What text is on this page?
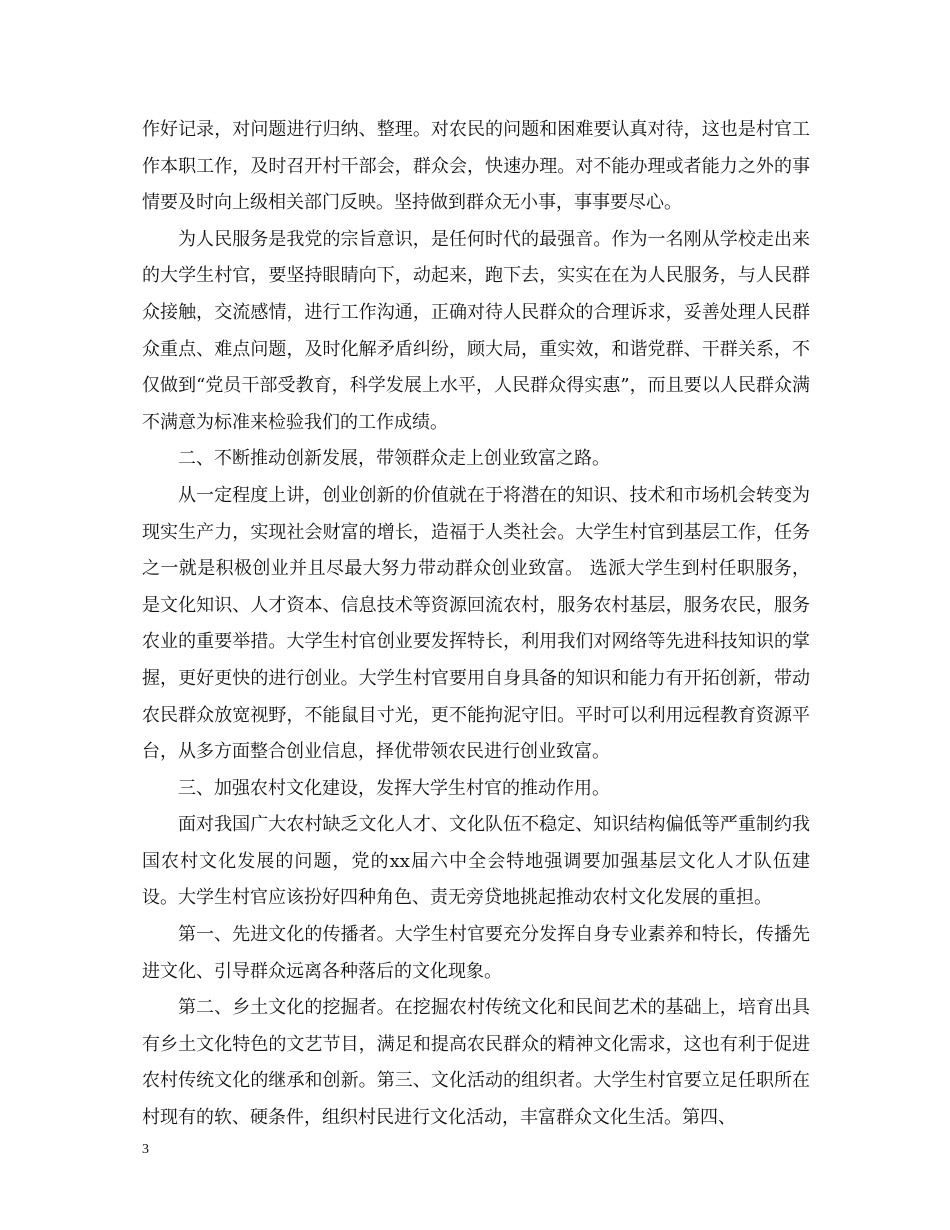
作好记录，对问题进行归纳、整理。对农民的问题和困难要认真对待，这也是村官工作本职工作，及时召开村干部会，群众会，快速办理。对不能办理或者能力之外的事情要及时向上级相关部门反映。坚持做到群众无小事，事事要尽心。

为人民服务是我党的宗旨意识，是任何时代的最强音。作为一名刚从学校走出来的大学生村官，要坚持眼睛向下，动起来，跑下去，实实在在为人民服务，与人民群众接触，交流感情，进行工作沟通，正确对待人民群众的合理诉求，妥善处理人民群众重点、难点问题，及时化解矛盾纠纷，顾大局，重实效，和谐党群、干群关系，不仅做到“党员干部受教育，科学发展上水平，人民群众得实惠”，而且要以人民群众满不满意为标准来检验我们的工作成绩。

二、不断推动创新发展，带领群众走上创业致富之路。

从一定程度上讲，创业创新的价值就在于将潜在的知识、技术和市场机会转变为现实生产力，实现社会财富的增长，造福于人类社会。大学生村官到基层工作，任务之一就是积极创业并且尽最大努力带动群众创业致富。 选派大学生到村任职服务，是文化知识、人才资本、信息技术等资源回流农村，服务农村基层，服务农民，服务农业的重要举措。大学生村官创业要发挥特长，利用我们对网络等先进科技知识的掌握，更好更快的进行创业。大学生村官要用自身具备的知识和能力有开拓创新，带动农民群众放宽视野，不能鼠目寸光，更不能拘泥守旧。平时可以利用远程教育资源平台，从多方面整合创业信息，择优带领农民进行创业致富。

三、加强农村文化建设，发挥大学生村官的推动作用。

面对我国广大农村缺乏文化人才、文化队伍不稳定、知识结构偏低等严重制约我国农村文化发展的问题，党的xx届六中全会特地强调要加强基层文化人才队伍建设。大学生村官应该扮好四种角色、责无旁贷地挑起推动农村文化发展的重担。

第一、先进文化的传播者。大学生村官要充分发挥自身专业素养和特长，传播先进文化、引导群众远离各种落后的文化现象。

第二、乡土文化的挖掘者。在挖掘农村传统文化和民间艺术的基础上，培育出具有乡土文化特色的文艺节目，满足和提高农民群众的精神文化需求，这也有利于促进农村传统文化的继承和创新。第三、文化活动的组织者。大学生村官要立足任职所在村现有的软、硬条件，组织村民进行文化活动，丰富群众文化生活。第四、

3
